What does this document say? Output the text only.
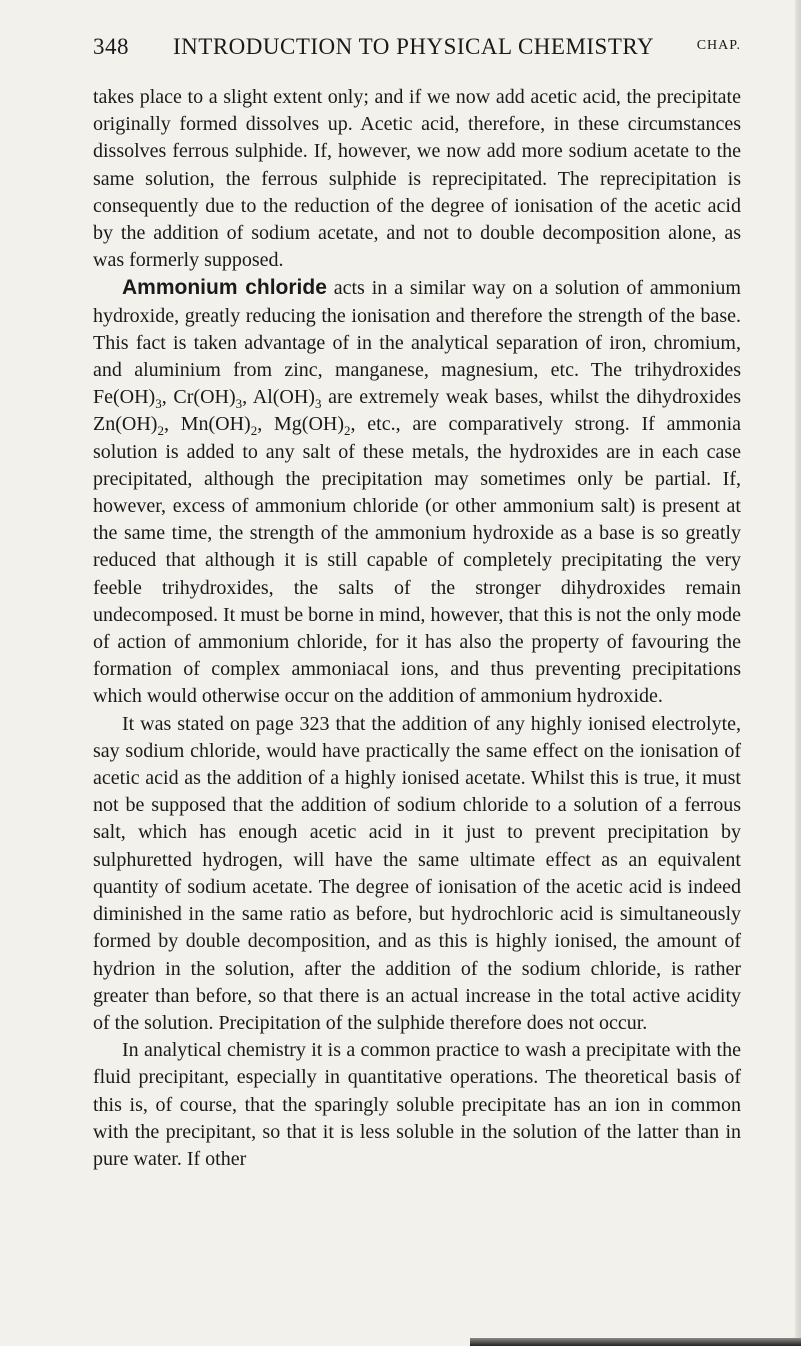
348 INTRODUCTION TO PHYSICAL CHEMISTRY	CHAP.

takes place to a slight extent only; and if we now add acetic acid, the precipitate originally formed dissolves up. Acetic acid, therefore, in these circumstances dissolves ferrous sulphide. If, however, we now add more sodium acetate to the same solution, the ferrous sulphide is reprecipitated. The reprecipitation is consequently due to the reduction of the degree of ionisation of the acetic acid by the addition of sodium acetate, and not to double decomposition alone, as was formerly supposed.

Ammonium chloride acts in a similar way on a solution of ammonium hydroxide, greatly reducing the ionisation and therefore the strength of the base. This fact is taken advantage of in the analytical separation of iron, chromium, and aluminium from zinc, manganese, magnesium, etc. The trihydroxides $Fe(OH)_3$, $Cr(OH)_3$, $Al(OH)_3$ are extremely weak bases, whilst the dihydroxides $Zn(OH)_2$, $Mn(OH)_2$, $Mg(OH)_2$, etc., are comparatively strong. If ammonia solution is added to any salt of these metals, the hydroxides are in each case precipitated, although the precipitation may sometimes only be partial. If, however, excess of ammonium chloride (or other ammonium salt) is present at the same time, the strength of the ammonium hydroxide as a base is so greatly reduced that although it is still capable of completely precipitating the very feeble trihydroxides, the salts of the stronger dihydroxides remain undecomposed. It must be borne in mind, however, that this is not the only mode of action of ammonium chloride, for it has also the property of favouring the formation of complex ammoniacal ions, and thus preventing precipitations which would otherwise occur on the addition of ammonium hydroxide.

It was stated on page 323 that the addition of any highly ionised electrolyte, say sodium chloride, would have practically the same effect on the ionisation of acetic acid as the addition of a highly ionised acetate. Whilst this is true, it must not be supposed that the addition of sodium chloride to a solution of a ferrous salt, which has enough acetic acid in it just to prevent precipitation by sulphuretted hydrogen, will have the same ultimate effect as an equivalent quantity of sodium acetate. The degree of ionisation of the acetic acid is indeed diminished in the same ratio as before, but hydrochloric acid is simultaneously formed by double decomposition, and as this is highly ionised, the amount of hydrion in the solution, after the addition of the sodium chloride, is rather greater than before, so that there is an actual increase in the total active acidity of the solution. Precipitation of the sulphide therefore does not occur.

In analytical chemistry it is a common practice to wash a precipitate with the fluid precipitant, especially in quantitative operations. The theoretical basis of this is, of course, that the sparingly soluble precipitate has an ion in common with the precipitant, so that it is less soluble in the solution of the latter than in pure water. If other
